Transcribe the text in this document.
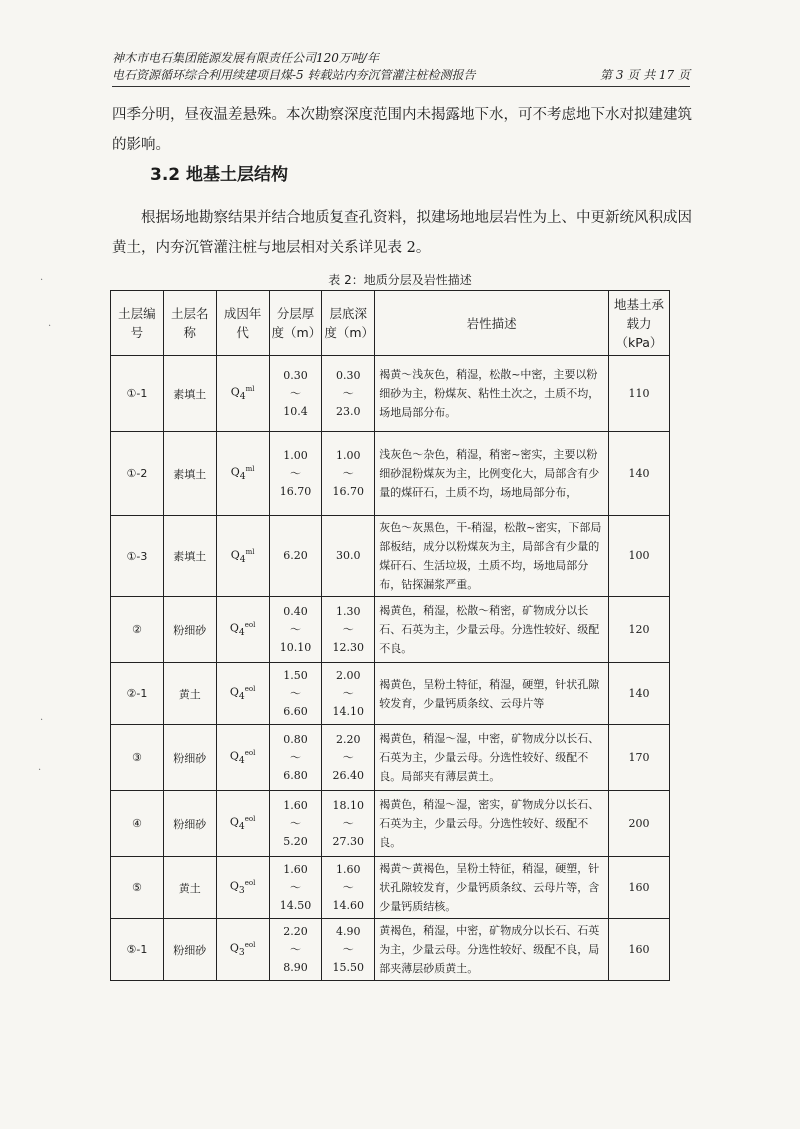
神木市电石集团能源发展有限责任公司120万吨/年
电石资源循环综合利用续建项目煤-5 转载站内夯沉管灌注桩检测报告	第 3 页 共 17 页
四季分明，昼夜温差悬殊。本次勘察深度范围内未揭露地下水，可不考虑地下水对拟建建筑的影响。
3.2 地基土层结构
根据场地勘察结果并结合地质复查孔资料，拟建场地地层岩性为上、中更新统风积成因黄土，内夯沉管灌注桩与地层相对关系详见表 2。
表 2：地质分层及岩性描述
土层编号	土层名称	成因年代	分层厚度（m）	层底深度（m）	岩性描述	地基土承载力（kPa）
①-1	素填土	$Q_4^{ml}$	0.30
～
10.4	0.30
～
23.0	褐黄～浅灰色，稍湿，松散~中密，主要以粉细砂为主，粉煤灰、粘性土次之，土质不均，场地局部分布。	110
①-2	素填土	$Q_4^{ml}$	1.00
～
16.70	1.00
～
16.70	浅灰色～杂色，稍湿，稍密~密实，主要以粉细砂混粉煤灰为主，比例变化大，局部含有少量的煤矸石，土质不均，场地局部分布，	140
①-3	素填土	$Q_4^{ml}$	6.20	30.0	灰色～灰黑色，干-稍湿，松散~密实，下部局部板结，成分以粉煤灰为主，局部含有少量的煤矸石、生活垃圾，土质不均，场地局部分布，钻探漏浆严重。	100
②	粉细砂	$Q_4^{eol}$	0.40
～
10.10	1.30
～
12.30	褐黄色，稍湿，松散～稍密，矿物成分以长石、石英为主，少量云母。分选性较好、级配不良。	120
②-1	黄土	$Q_4^{eol}$	1.50
～
6.60	2.00
～
14.10	褐黄色，呈粉土特征，稍湿，硬塑，针状孔隙较发育，少量钙质条纹、云母片等	140
③	粉细砂	$Q_4^{eol}$	0.80
～
6.80	2.20
～
26.40	褐黄色，稍湿～湿，中密，矿物成分以长石、石英为主，少量云母。分选性较好、级配不良。局部夹有薄层黄土。	170
④	粉细砂	$Q_4^{eol}$	1.60
～
5.20	18.10
～
27.30	褐黄色，稍湿～湿，密实，矿物成分以长石、石英为主，少量云母。分选性较好、级配不良。	200
⑤	黄土	$Q_3^{eol}$	1.60
～
14.50	1.60
～
14.60	褐黄～黄褐色，呈粉土特征，稍湿，硬塑，针状孔隙较发育，少量钙质条纹、云母片等，含少量钙质结核。	160
⑤-1	粉细砂	$Q_3^{eol}$	2.20
～
8.90	4.90
～
15.50	黄褐色，稍湿，中密，矿物成分以长石、石英为主，少量云母。分选性较好、级配不良，局部夹薄层砂质黄土。	160
.
.
.
.
